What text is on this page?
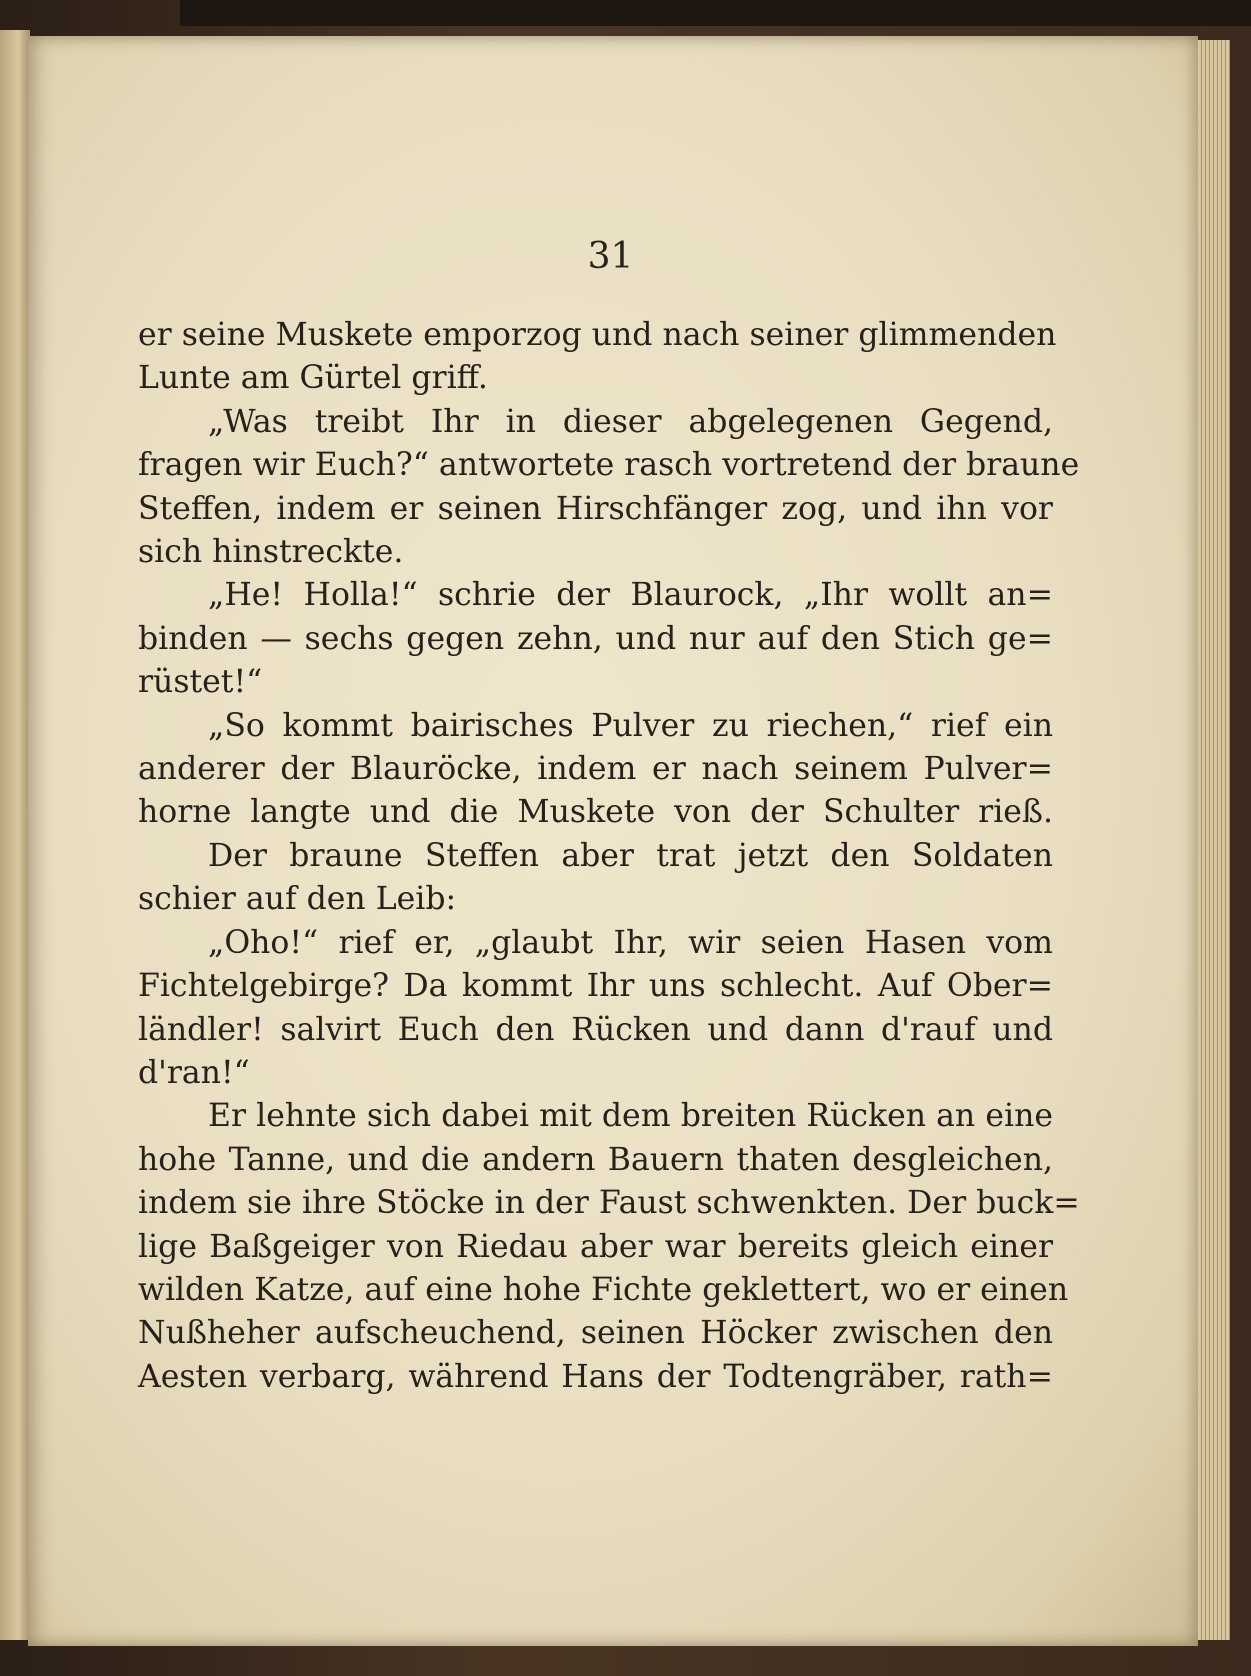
31
er seine Muskete emporzog und nach seiner glimmenden
Lunte am Gürtel griff.
„Was treibt Ihr in dieser abgelegenen Gegend,
fragen wir Euch?“ antwortete rasch vortretend der braune
Steffen, indem er seinen Hirschfänger zog, und ihn vor
sich hinstreckte.
„He! Holla!“ schrie der Blaurock, „Ihr wollt an=
binden — sechs gegen zehn, und nur auf den Stich ge=
rüstet!“
„So kommt bairisches Pulver zu riechen,“ rief ein
anderer der Blauröcke, indem er nach seinem Pulver=
horne langte und die Muskete von der Schulter rieß.
Der braune Steffen aber trat jetzt den Soldaten
schier auf den Leib:
„Oho!“ rief er, „glaubt Ihr, wir seien Hasen vom
Fichtelgebirge? Da kommt Ihr uns schlecht. Auf Ober=
ländler! salvirt Euch den Rücken und dann d'rauf und
d'ran!“
Er lehnte sich dabei mit dem breiten Rücken an eine
hohe Tanne, und die andern Bauern thaten desgleichen,
indem sie ihre Stöcke in der Faust schwenkten. Der buck=
lige Baßgeiger von Riedau aber war bereits gleich einer
wilden Katze, auf eine hohe Fichte geklettert, wo er einen
Nußheher aufscheuchend, seinen Höcker zwischen den
Aesten verbarg, während Hans der Todtengräber, rath=
